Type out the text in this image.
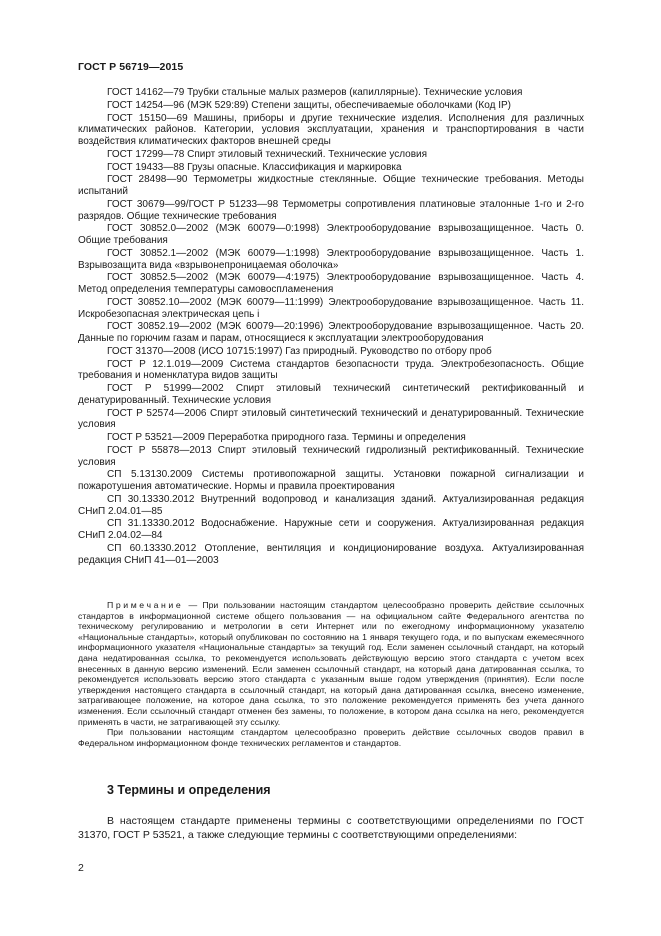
ГОСТ Р 56719—2015

ГОСТ 14162—79 Трубки стальные малых размеров (капиллярные). Технические условия

ГОСТ 14254—96 (МЭК 529:89) Степени защиты, обеспечиваемые оболочками (Код IP)

ГОСТ 15150—69 Машины, приборы и другие технические изделия. Исполнения для различных климатических районов. Категории, условия эксплуатации, хранения и транспортирования в части воздействия климатических факторов внешней среды

ГОСТ 17299—78 Спирт этиловый технический. Технические условия

ГОСТ 19433—88 Грузы опасные. Классификация и маркировка

ГОСТ 28498—90 Термометры жидкостные стеклянные. Общие технические требования. Методы испытаний

ГОСТ 30679—99/ГОСТ Р 51233—98 Термометры сопротивления платиновые эталонные 1-го и 2-го разрядов. Общие технические требования

ГОСТ 30852.0—2002 (МЭК 60079—0:1998) Электрооборудование взрывозащищенное. Часть 0. Общие требования

ГОСТ 30852.1—2002 (МЭК 60079—1:1998) Электрооборудование взрывозащищенное. Часть 1. Взрывозащита вида «взрывонепроницаемая оболочка»

ГОСТ 30852.5—2002 (МЭК 60079—4:1975) Электрооборудование взрывозащищенное. Часть 4. Метод определения температуры самовоспламенения

ГОСТ 30852.10—2002 (МЭК 60079—11:1999) Электрооборудование взрывозащищенное. Часть 11. Искробезопасная электрическая цепь i

ГОСТ 30852.19—2002 (МЭК 60079—20:1996) Электрооборудование взрывозащищенное. Часть 20. Данные по горючим газам и парам, относящиеся к эксплуатации электрооборудования

ГОСТ 31370—2008 (ИСО 10715:1997) Газ природный. Руководство по отбору проб

ГОСТ Р 12.1.019—2009 Система стандартов безопасности труда. Электробезопасность. Общие требования и номенклатура видов защиты

ГОСТ Р 51999—2002 Спирт этиловый технический синтетический ректификованный и денатурированный. Технические условия

ГОСТ Р 52574—2006 Спирт этиловый синтетический технический и денатурированный. Технические условия

ГОСТ Р 53521—2009 Переработка природного газа. Термины и определения

ГОСТ Р 55878—2013 Спирт этиловый технический гидролизный ректификованный. Технические условия

СП 5.13130.2009 Системы противопожарной защиты. Установки пожарной сигнализации и пожаротушения автоматические. Нормы и правила проектирования

СП 30.13330.2012 Внутренний водопровод и канализация зданий. Актуализированная редакция СНиП 2.04.01—85

СП 31.13330.2012 Водоснабжение. Наружные сети и сооружения. Актуализированная редакция СНиП 2.04.02—84

СП 60.13330.2012 Отопление, вентиляция и кондиционирование воздуха. Актуализированная редакция СНиП 41—01—2003

Примечание — При пользовании настоящим стандартом целесообразно проверить действие ссылочных стандартов в информационной системе общего пользования — на официальном сайте Федерального агентства по техническому регулированию и метрологии в сети Интернет или по ежегодному информационному указателю «Национальные стандарты», который опубликован по состоянию на 1 января текущего года, и по выпускам ежемесячного информационного указателя «Национальные стандарты» за текущий год. Если заменен ссылочный стандарт, на который дана недатированная ссылка, то рекомендуется использовать действующую версию этого стандарта с учетом всех внесенных в данную версию изменений. Если заменен ссылочный стандарт, на который дана датированная ссылка, то рекомендуется использовать версию этого стандарта с указанным выше годом утверждения (принятия). Если после утверждения настоящего стандарта в ссылочный стандарт, на который дана датированная ссылка, внесено изменение, затрагивающее положение, на которое дана ссылка, то это положение рекомендуется применять без учета данного изменения. Если ссылочный стандарт отменен без замены, то положение, в котором дана ссылка на него, рекомендуется применять в части, не затрагивающей эту ссылку.

При пользовании настоящим стандартом целесообразно проверить действие ссылочных сводов правил в Федеральном информационном фонде технических регламентов и стандартов.

3 Термины и определения

В настоящем стандарте применены термины с соответствующими определениями по ГОСТ 31370, ГОСТ Р 53521, а также следующие термины с соответствующими определениями:

2
